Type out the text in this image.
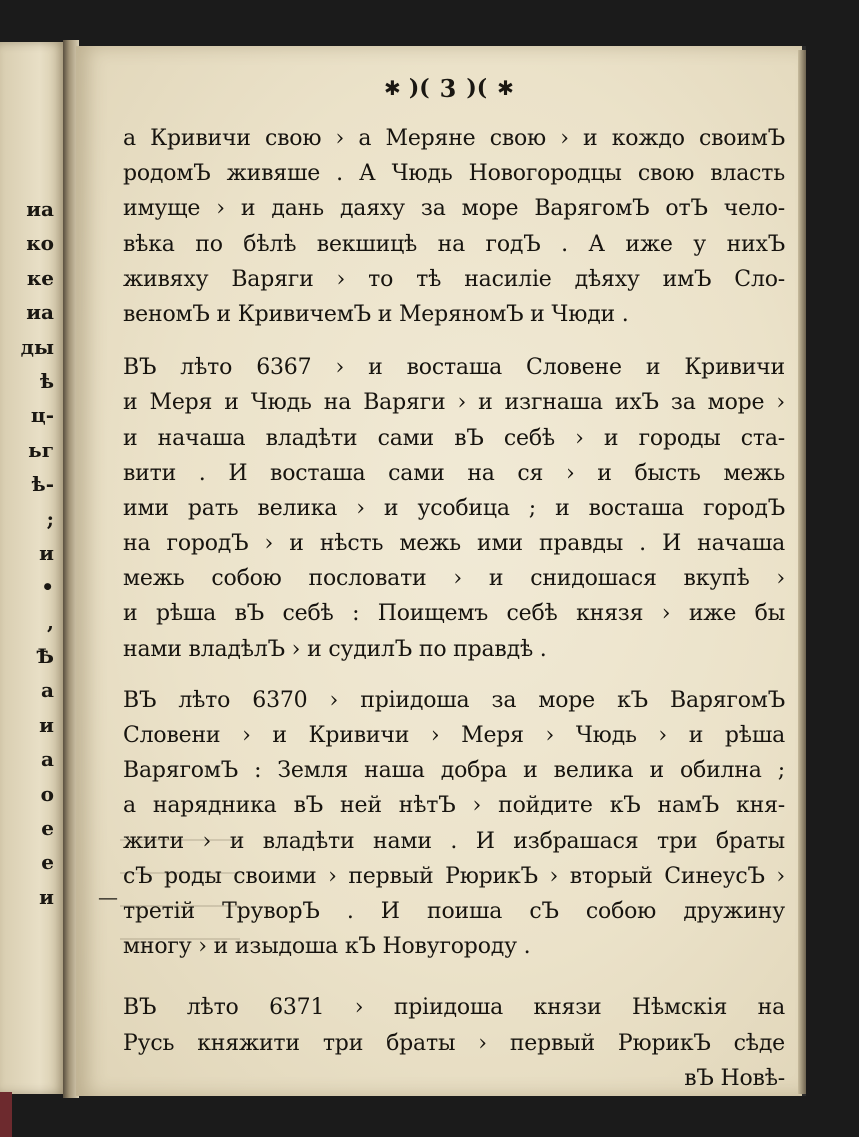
иа
ко
ке
иа
ды
ѣ
ц-
ьг
ѣ-
;
и
•
,
Ѣ
а
и
а
о
е
е
и
✱ )( 3 )( ✱
—
а Кривичи свою › а Меряне свою › и кождо своимЪ
родомЪ живяше . А Чюдь Новогородцы свою власть
имуще › и дань даяху за море ВарягомЪ отЪ чело-
вѣка по бѣлѣ векшицѣ на годЪ . А иже у нихЪ
живяху Варяги › то тѣ насиліе дѣяху имЪ Сло-
веномЪ и КривичемЪ и МеряномЪ и Чюди .
ВЪ лѣто 6367 › и восташа Словене и Кривичи
и Меря и Чюдь на Варяги › и изгнаша ихЪ за море ›
и начаша владѣти сами вЪ себѣ › и городы ста-
вити . И восташа сами на ся › и бысть межь
ими рать велика › и усобица ; и восташа городЪ
на городЪ › и нѣсть межь ими правды . И начаша
межь собою пословати › и снидошася вкупѣ ›
и рѣша вЪ себѣ : Поищемъ себѣ князя › иже бы
нами владѣлЪ › и судилЪ по правдѣ .
ВЪ лѣто 6370 › пріидоша за море кЪ ВарягомЪ
Словени › и Кривичи › Меря › Чюдь › и рѣша
ВарягомЪ : Земля наша добра и велика и обилна ;
а нарядника вЪ ней нѣтЪ › пойдите кЪ намЪ кня-
жити › и владѣти нами . И избрашася три браты
сЪ роды своими › первый РюрикЪ › вторый СинеусЪ ›
третій ТруворЪ . И поиша сЪ собою дружину
многу › и изыдоша кЪ Новугороду .
ВЪ лѣто 6371 › пріидоша князи Нѣмскія на
Русь княжити три браты › первый РюрикЪ сѣде
вЪ Новѣ-
